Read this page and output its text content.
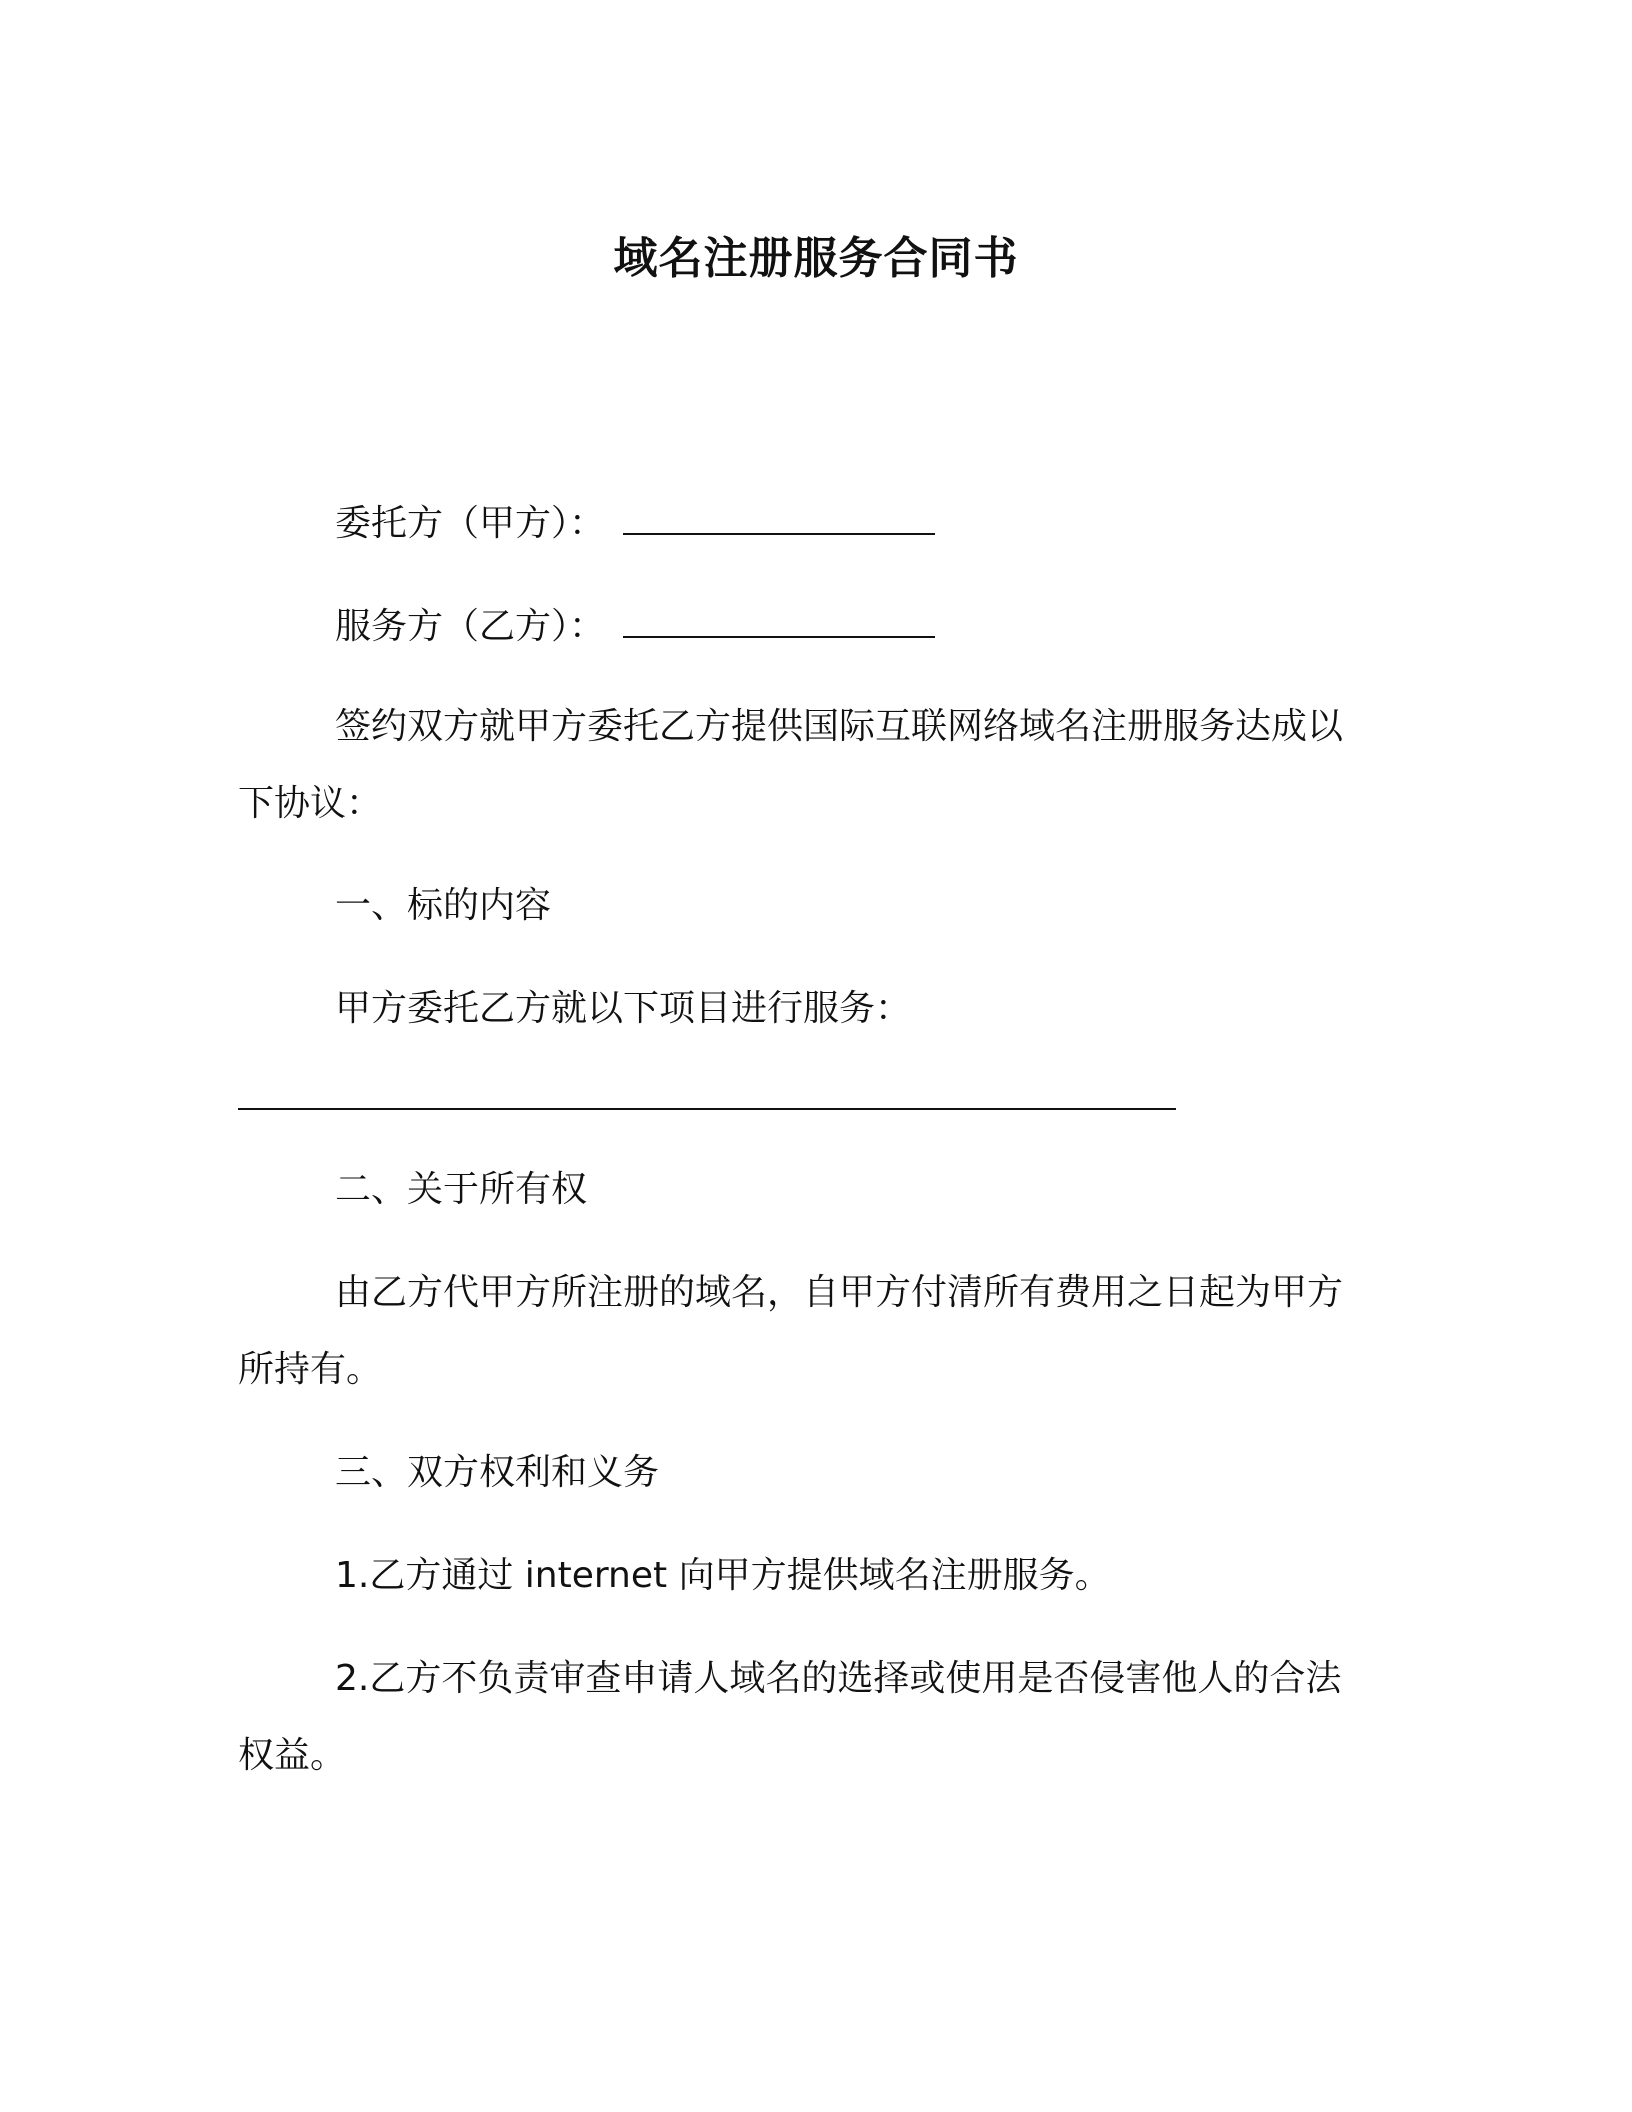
域名注册服务合同书
委托方（甲方）：
服务方（乙方）：
签约双方就甲方委托乙方提供国际互联网络域名注册服务达成以
下协议：
一、标的内容
甲方委托乙方就以下项目进行服务：
二、关于所有权
由乙方代甲方所注册的域名，自甲方付清所有费用之日起为甲方
所持有。
三、双方权利和义务
1.乙方通过 internet 向甲方提供域名注册服务。
2.乙方不负责审查申请人域名的选择或使用是否侵害他人的合法
权益。
